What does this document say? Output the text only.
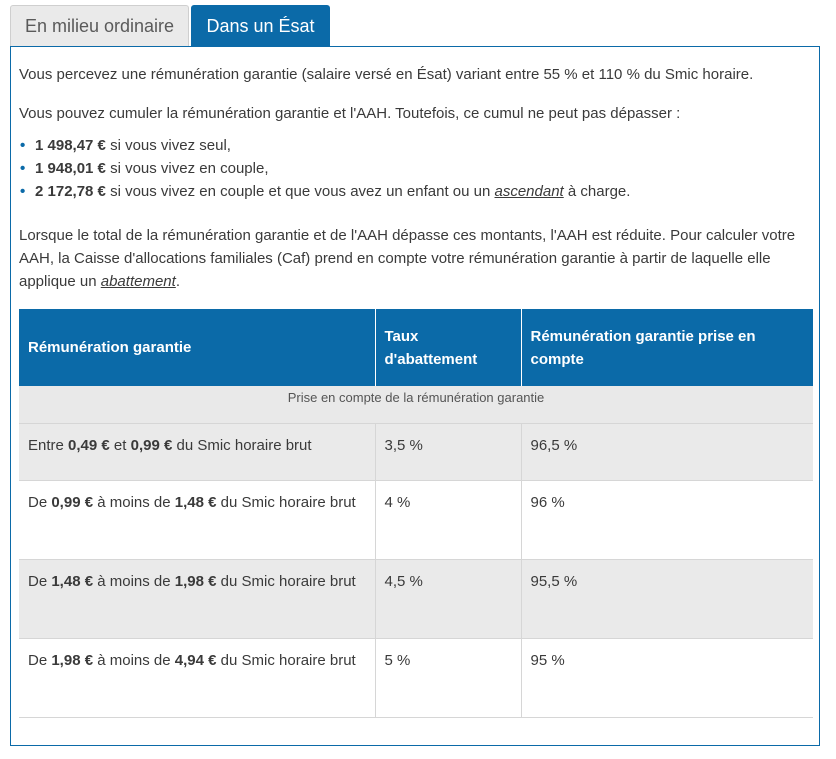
En milieu ordinaire	Dans un Ésat

Vous percevez une rémunération garantie (salaire versé en Ésat) variant entre 55 % et 110 % du Smic horaire.

Vous pouvez cumuler la rémunération garantie et l'AAH. Toutefois, ce cumul ne peut pas dépasser :

• 1 498,47 € si vous vivez seul,
• 1 948,01 € si vous vivez en couple,
• 2 172,78 € si vous vivez en couple et que vous avez un enfant ou un ascendant à charge.

Lorsque le total de la rémunération garantie et de l'AAH dépasse ces montants, l'AAH est réduite. Pour calculer votre AAH, la Caisse d'allocations familiales (Caf) prend en compte votre rémunération garantie à partir de laquelle elle applique un abattement.

Prise en compte de la rémunération garantie		
Rémunération garantie	Taux d'abattement	Rémunération garantie prise en compte
Entre 0,49 € et 0,99 € du Smic horaire brut	3,5 %	96,5 %
De 0,99 € à moins de 1,48 € du Smic horaire brut	4 %	96 %
De 1,48 € à moins de 1,98 € du Smic horaire brut	4,5 %	95,5 %
De 1,98 € à moins de 4,94 € du Smic horaire brut	5 %	95 %
